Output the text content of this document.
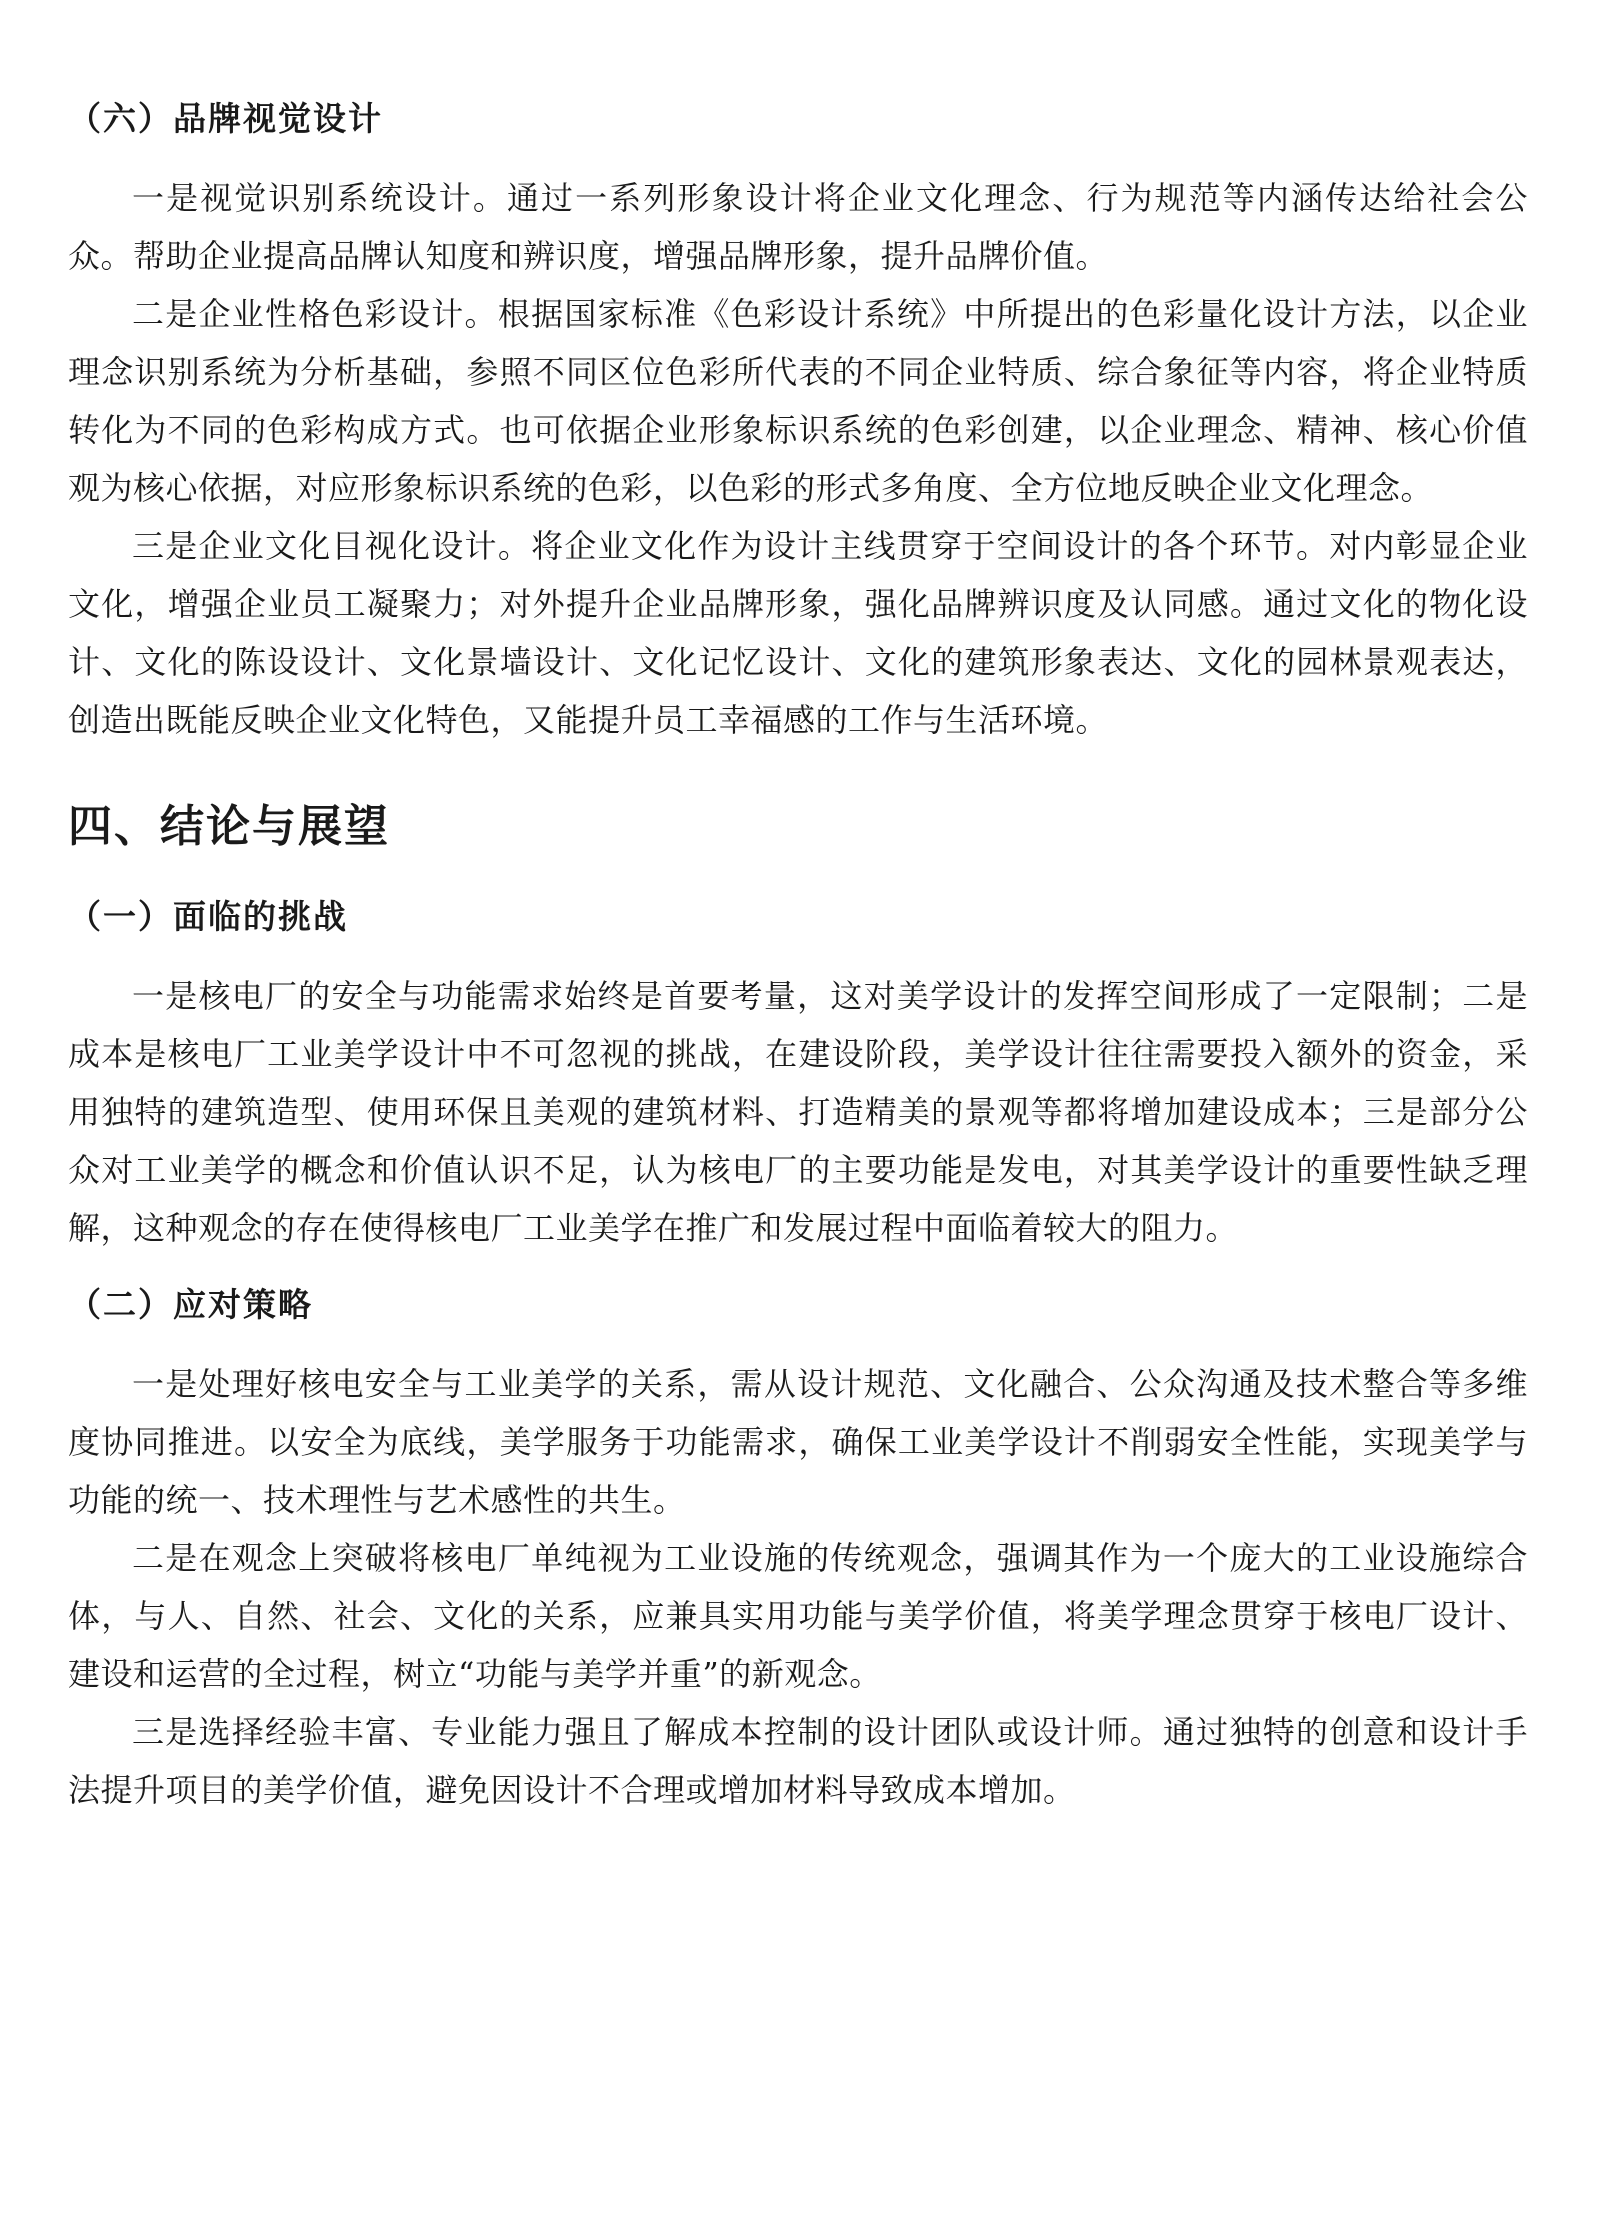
（六）品牌视觉设计

一是视觉识别系统设计。通过一系列形象设计将企业文化理念、行为规范等内涵传达给社会公众。帮助企业提高品牌认知度和辨识度，增强品牌形象，提升品牌价值。

二是企业性格色彩设计。根据国家标准《色彩设计系统》中所提出的色彩量化设计方法，以企业理念识别系统为分析基础，参照不同区位色彩所代表的不同企业特质、综合象征等内容，将企业特质转化为不同的色彩构成方式。也可依据企业形象标识系统的色彩创建，以企业理念、精神、核心价值观为核心依据，对应形象标识系统的色彩，以色彩的形式多角度、全方位地反映企业文化理念。

三是企业文化目视化设计。将企业文化作为设计主线贯穿于空间设计的各个环节。对内彰显企业文化，增强企业员工凝聚力；对外提升企业品牌形象，强化品牌辨识度及认同感。通过文化的物化设计、文化的陈设设计、文化景墙设计、文化记忆设计、文化的建筑形象表达、文化的园林景观表达，创造出既能反映企业文化特色，又能提升员工幸福感的工作与生活环境。

四、结论与展望
（一）面临的挑战

一是核电厂的安全与功能需求始终是首要考量，这对美学设计的发挥空间形成了一定限制；二是成本是核电厂工业美学设计中不可忽视的挑战，在建设阶段，美学设计往往需要投入额外的资金，采用独特的建筑造型、使用环保且美观的建筑材料、打造精美的景观等都将增加建设成本；三是部分公众对工业美学的概念和价值认识不足，认为核电厂的主要功能是发电，对其美学设计的重要性缺乏理解，这种观念的存在使得核电厂工业美学在推广和发展过程中面临着较大的阻力。

（二）应对策略

一是处理好核电安全与工业美学的关系，需从设计规范、文化融合、公众沟通及技术整合等多维度协同推进。以安全为底线，美学服务于功能需求，确保工业美学设计不削弱安全性能，实现美学与功能的统一、技术理性与艺术感性的共生。

二是在观念上突破将核电厂单纯视为工业设施的传统观念，强调其作为一个庞大的工业设施综合体，与人、自然、社会、文化的关系，应兼具实用功能与美学价值，将美学理念贯穿于核电厂设计、建设和运营的全过程，树立“功能与美学并重”的新观念。

三是选择经验丰富、专业能力强且了解成本控制的设计团队或设计师。通过独特的创意和设计手法提升项目的美学价值，避免因设计不合理或增加材料导致成本增加。
